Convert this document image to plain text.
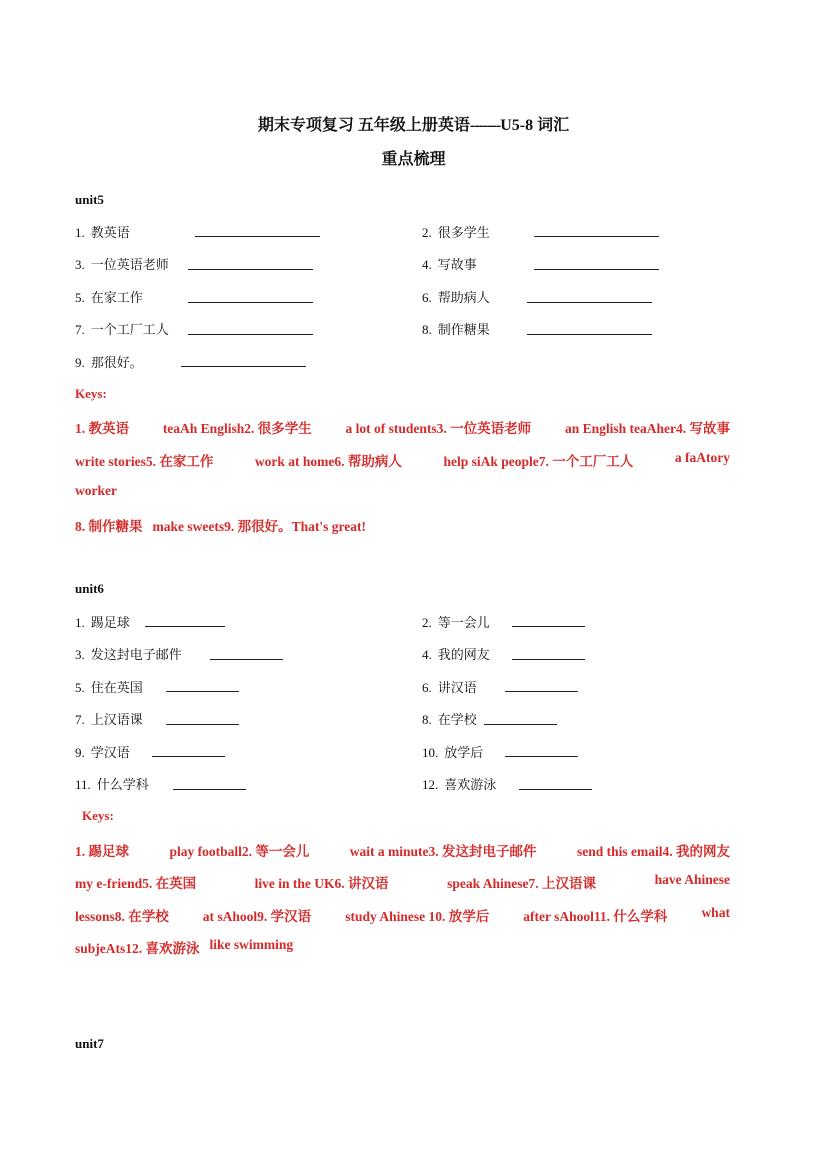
期末专项复习 五年级上册英语-------U5-8 词汇
重点梳理
unit5
1. 教英语	2. 很多学生
3. 一位英语老师	4. 写故事
5. 在家工作	6. 帮助病人
7. 一个工厂工人	8. 制作糖果
9. 那很好。
Keys:
1. 教英语	teaAh English2. 很多学生	a lot of students3. 一位英语老师	an English teaAher4. 写故事
write stories5. 在家工作	work at home6. 帮助病人	help siAk people7. 一个工厂工人	a faAtory
worker
8. 制作糖果 make sweets9. 那很好。That's great!
unit6
1. 踢足球	2. 等一会儿
3. 发这封电子邮件	4. 我的网友
5. 住在英国	6. 讲汉语
7. 上汉语课	8. 在学校
9. 学汉语	10. 放学后
11. 什么学科	12. 喜欢游泳
Keys:
1. 踢足球	play football2. 等一会儿	wait a minute3. 发这封电子邮件	send this email4. 我的网友
my e-friend5. 在英国	live in the UK6. 讲汉语	speak Ahinese7. 上汉语课	have Ahinese
lessons8. 在学校	at sAhool9. 学汉语	study Ahinese 10. 放学后	after sAhool11. 什么学科	what
subjeAts12. 喜欢游泳 like swimming
unit7
